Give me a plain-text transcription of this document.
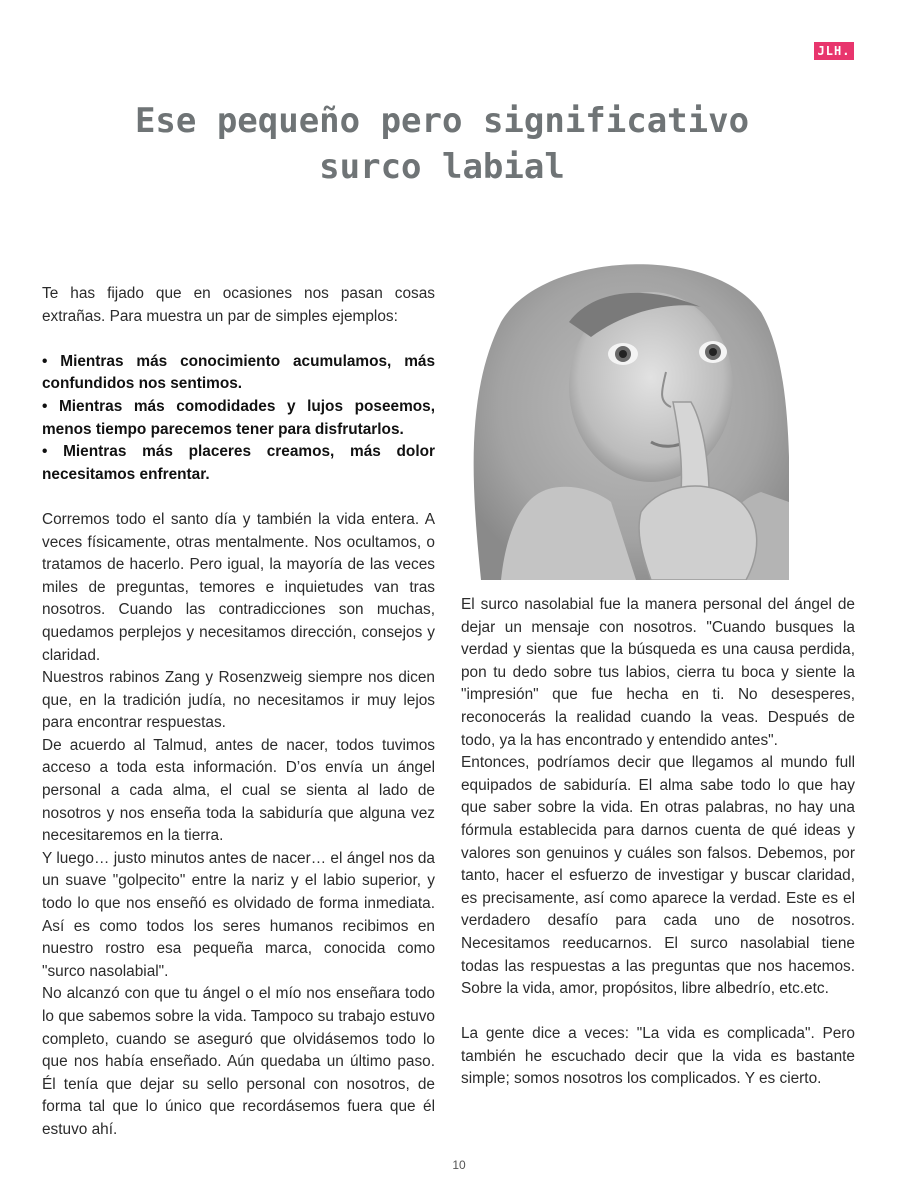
JLH.
Ese pequeño pero significativo
surco labial

Te has fijado que en ocasiones nos pasan cosas extrañas. Para muestra un par de simples ejemplos:

• Mientras más conocimiento acumulamos, más confundidos nos sentimos.

• Mientras más comodidades y lujos poseemos, menos tiempo parecemos tener para disfrutarlos.

• Mientras más placeres creamos, más dolor necesitamos enfrentar.

Corremos todo el santo día y también la vida entera. A veces físicamente, otras mentalmente. Nos ocultamos, o tratamos de hacerlo. Pero igual, la mayoría de las veces miles de preguntas, temores e inquietudes van tras nosotros. Cuando las contradicciones son muchas, quedamos perplejos y necesitamos dirección, consejos y claridad.

Nuestros rabinos Zang y Rosenzweig siempre nos dicen que, en la tradición judía, no necesitamos ir muy lejos para encontrar respuestas.

De acuerdo al Talmud, antes de nacer, todos tuvimos acceso a toda esta información. D’os envía un ángel personal a cada alma, el cual se sienta al lado de nosotros y nos enseña toda la sabiduría que alguna vez necesitaremos en la tierra.

Y luego… justo minutos antes de nacer… el ángel nos da un suave "golpecito" entre la nariz y el labio superior, y todo lo que nos enseñó es olvidado de forma inmediata. Así es como todos los seres humanos recibimos en nuestro rostro esa pequeña marca, conocida como "surco nasolabial".

No alcanzó con que tu ángel o el mío nos enseñara todo lo que sabemos sobre la vida. Tampoco su trabajo estuvo completo, cuando se aseguró que olvidásemos todo lo que nos había enseñado. Aún quedaba un último paso. Él tenía que dejar su sello personal con nosotros, de forma tal que lo único que recordásemos fuera que él estuvo ahí.

El surco nasolabial fue la manera personal del ángel de dejar un mensaje con nosotros. "Cuando busques la verdad y sientas que la búsqueda es una causa perdida, pon tu dedo sobre tus labios, cierra tu boca y siente la "impresión" que fue hecha en ti. No desesperes, reconocerás la realidad cuando la veas. Después de todo, ya la has encontrado y entendido antes".

Entonces, podríamos decir que llegamos al mundo full equipados de sabiduría. El alma sabe todo lo que hay que saber sobre la vida. En otras palabras, no hay una fórmula establecida para darnos cuenta de qué ideas y valores son genuinos y cuáles son falsos. Debemos, por tanto, hacer el esfuerzo de investigar y buscar claridad, es precisamente, así como aparece la verdad. Este es el verdadero desafío para cada uno de nosotros. Necesitamos reeducarnos. El surco nasolabial tiene todas las respuestas a las preguntas que nos hacemos. Sobre la vida, amor, propósitos, libre albedrío, etc.etc.

La gente dice a veces: "La vida es complicada". Pero también he escuchado decir que la vida es bastante simple; somos nosotros los complicados. Y es cierto.

10
